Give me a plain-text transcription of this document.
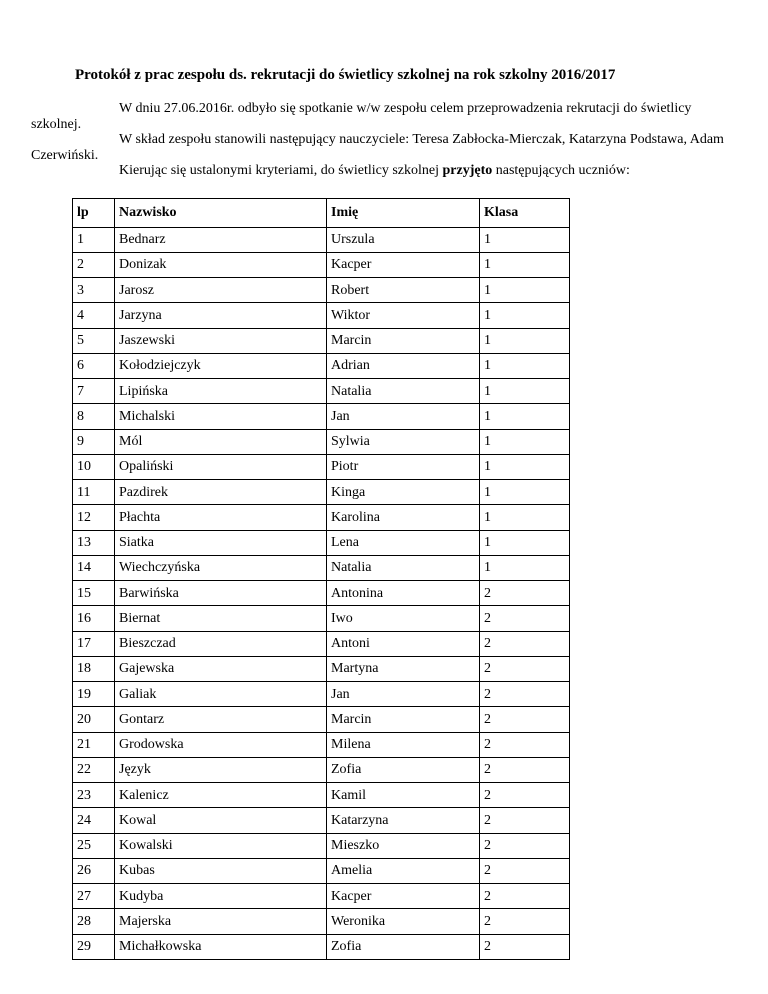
Protokół z prac zespołu ds. rekrutacji do świetlicy szkolnej na rok szkolny 2016/2017

W dniu 27.06.2016r. odbyło się spotkanie w/w zespołu celem przeprowadzenia rekrutacji do świetlicy szkolnej.

W skład zespołu stanowili następujący nauczyciele: Teresa Zabłocka-Mierczak, Katarzyna Podstawa, Adam Czerwiński.

Kierując się ustalonymi kryteriami, do świetlicy szkolnej przyjęto następujących uczniów:

lp	Nazwisko	Imię	Klasa
1	Bednarz	Urszula	1
2	Donizak	Kacper	1
3	Jarosz	Robert	1
4	Jarzyna	Wiktor	1
5	Jaszewski	Marcin	1
6	Kołodziejczyk	Adrian	1
7	Lipińska	Natalia	1
8	Michalski	Jan	1
9	Mól	Sylwia	1
10	Opaliński	Piotr	1
11	Pazdirek	Kinga	1
12	Płachta	Karolina	1
13	Siatka	Lena	1
14	Wiechczyńska	Natalia	1
15	Barwińska	Antonina	2
16	Biernat	Iwo	2
17	Bieszczad	Antoni	2
18	Gajewska	Martyna	2
19	Galiak	Jan	2
20	Gontarz	Marcin	2
21	Grodowska	Milena	2
22	Język	Zofia	2
23	Kalenicz	Kamil	2
24	Kowal	Katarzyna	2
25	Kowalski	Mieszko	2
26	Kubas	Amelia	2
27	Kudyba	Kacper	2
28	Majerska	Weronika	2
29	Michałkowska	Zofia	2
